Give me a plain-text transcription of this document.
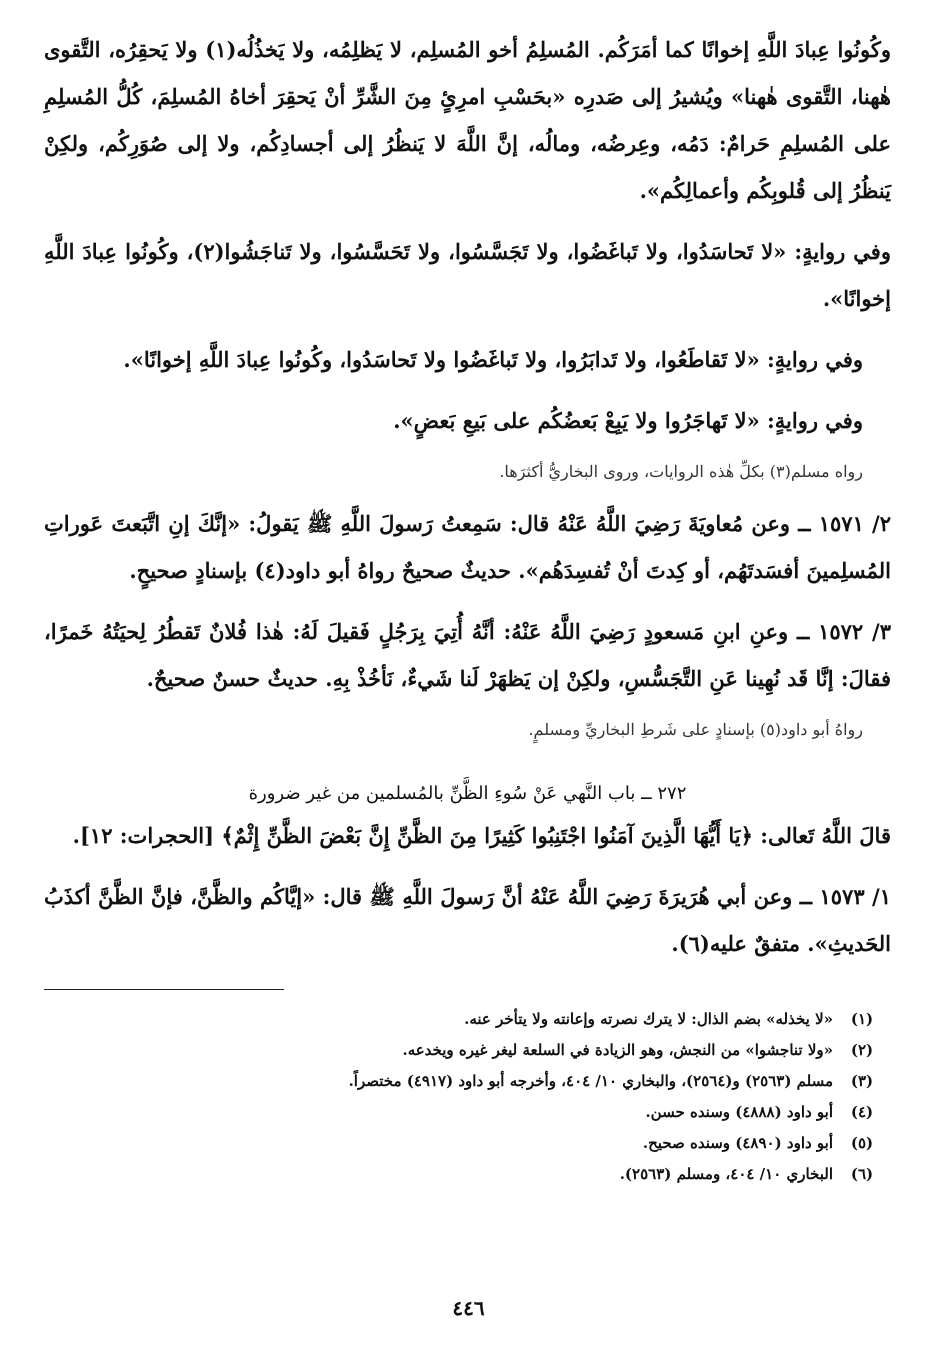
وكُونُوا عِبادَ اللَّهِ إخوانًا كما أمَرَكُم. المُسلِمُ أخو المُسلِم، لا يَظلِمُه، ولا يَخذُلُه(١) ولا يَحقِرُه، التَّقوى هٰهنا، التَّقوى هٰهنا» ويُشيرُ إلى صَدرِه «بحَسْبِ امرِئٍ مِنَ الشَّرِّ أنْ يَحقِرَ أخاهُ المُسلِمَ، كُلُّ المُسلِمِ على المُسلِمِ حَرامٌ: دَمُه، وعِرضُه، ومالُه، إنَّ اللَّهَ لا يَنظُرُ إلى أجسادِكُم، ولا إلى صُوَرِكُم، ولكِنْ يَنظُرُ إلى قُلوبِكُم وأعمالِكُم».

وفي روايةٍ: «لا تَحاسَدُوا، ولا تَباغَضُوا، ولا تَجَسَّسُوا، ولا تَحَسَّسُوا، ولا تَناجَشُوا(٢)، وكُونُوا عِبادَ اللَّهِ إخوانًا».

وفي روايةٍ: «لا تَقاطَعُوا، ولا تَدابَرُوا، ولا تَباغَضُوا ولا تَحاسَدُوا، وكُونُوا عِبادَ اللَّهِ إخوانًا».

وفي روايةٍ: «لا تَهاجَرُوا ولا يَبِعْ بَعضُكُم على بَيعِ بَعضٍ».

رواه مسلم(٣) بكلِّ هٰذه الروايات، وروى البخاريُّ أكثرَها.

٢/ ١٥٧١ ــ وعن مُعاويَةَ رَضِيَ اللَّهُ عَنْهُ قال: سَمِعتُ رَسولَ اللَّهِ ﷺ يَقولُ: «إنَّكَ إنِ اتَّبَعتَ عَوراتِ المُسلِمينَ أفسَدتَهُم، أو كِدتَ أنْ تُفسِدَهُم». حديثٌ صحيحٌ رواهُ أبو داود(٤) بإسنادٍ صحيحٍ.

٣/ ١٥٧٢ ــ وعنِ ابنِ مَسعودٍ رَضِيَ اللَّهُ عَنْهُ: أنَّهُ أُتِيَ بِرَجُلٍ فَقيلَ لَهُ: هٰذا فُلانٌ تَقطُرُ لِحيَتُهُ خَمرًا، فقالَ: إنَّا قَد نُهِينا عَنِ التَّجَسُّسِ، ولكِنْ إن يَظهَرْ لَنا شَيءٌ، نَأخُذْ بِهِ. حديثٌ حسنٌ صحيحٌ.

رواهُ أبو داود(٥) بإسنادٍ على شَرطِ البخاريِّ ومسلمٍ.

٢٧٢ ــ باب النَّهي عَنْ سُوءِ الظَّنِّ بالمُسلمين من غير ضرورة

قالَ اللَّهُ تَعالى: ﴿يَا أَيُّهَا الَّذِينَ آمَنُوا اجْتَنِبُوا كَثِيرًا مِنَ الظَّنِّ إِنَّ بَعْضَ الظَّنِّ إِثْمٌ﴾ [الحجرات: ١٢].

١/ ١٥٧٣ ــ وعن أبي هُرَيرَةَ رَضِيَ اللَّهُ عَنْهُ أنَّ رَسولَ اللَّهِ ﷺ قال: «إيَّاكُم والظَّنَّ، فإنَّ الظَّنَّ أكذَبُ الحَديثِ». متفقٌ عليه(٦).

(١)
«لا يخذله» بضم الذال: لا يترك نصرته وإعانته ولا يتأخر عنه.
(٢)
«ولا تناجشوا» من النجش، وهو الزيادة في السلعة ليغر غيره ويخدعه.
(٣)
مسلم (٢٥٦٣) و(٢٥٦٤)، والبخاري ١٠/ ٤٠٤، وأخرجه أبو داود (٤٩١٧) مختصراً.
(٤)
أبو داود (٤٨٨٨) وسنده حسن.
(٥)
أبو داود (٤٨٩٠) وسنده صحيح.
(٦)
البخاري ١٠/ ٤٠٤، ومسلم (٢٥٦٣).
٤٤٦
